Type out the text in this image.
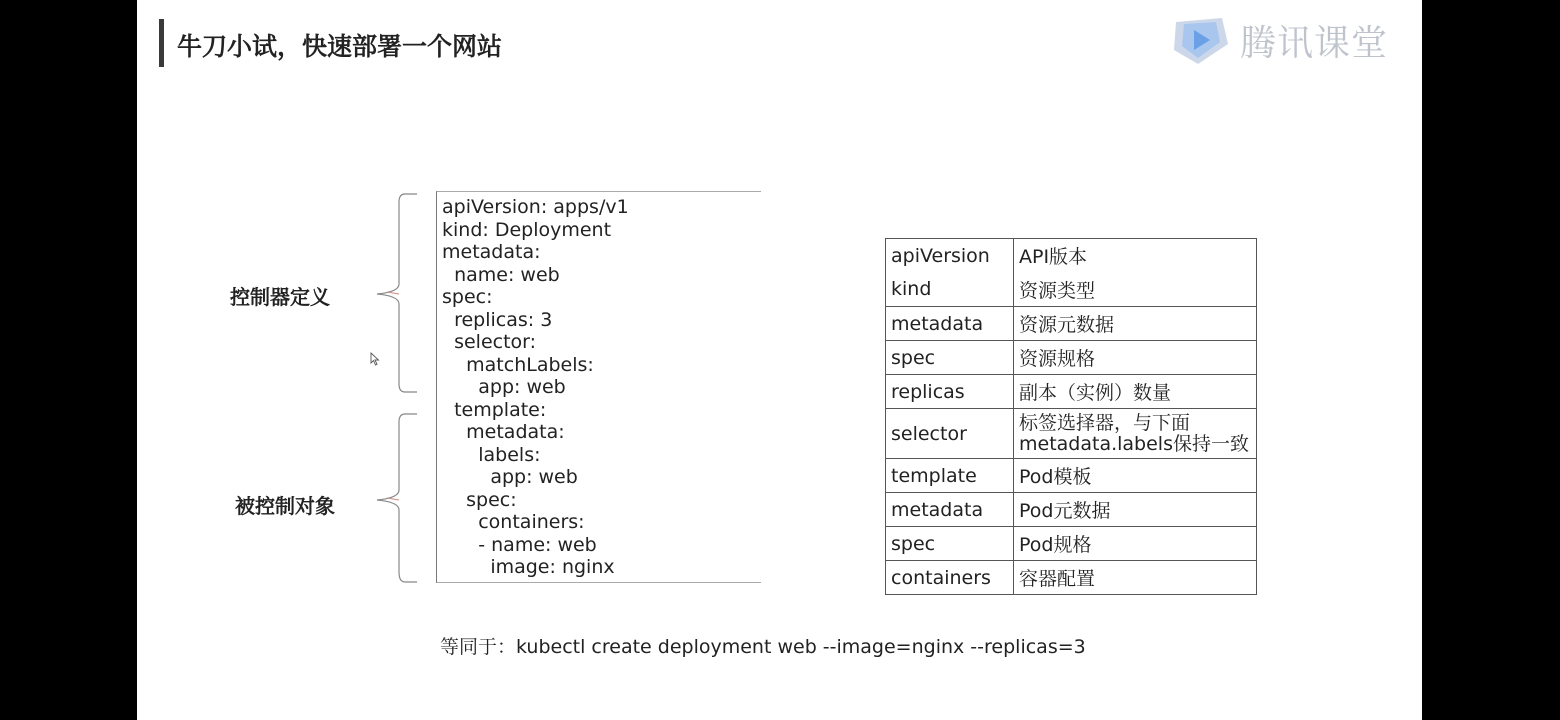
牛刀小试，快速部署一个网站	腾讯课堂
控制器定义
被控制对象
apiVersion: apps/v1
kind: Deployment
metadata:
name: web
spec:
replicas: 3
selector:
matchLabels:
app: web
template:
metadata:
labels:
app: web
spec:
containers:
- name: web
image: nginx
apiVersion	API版本
kind	资源类型
metadata	资源元数据
spec	资源规格
replicas	副本（实例）数量
selector	标签选择器，与下面
metadata.labels保持一致

template	Pod模板
metadata	Pod元数据
spec	Pod规格
containers	容器配置
等同于：kubectl create deployment web --image=nginx --replicas=3
